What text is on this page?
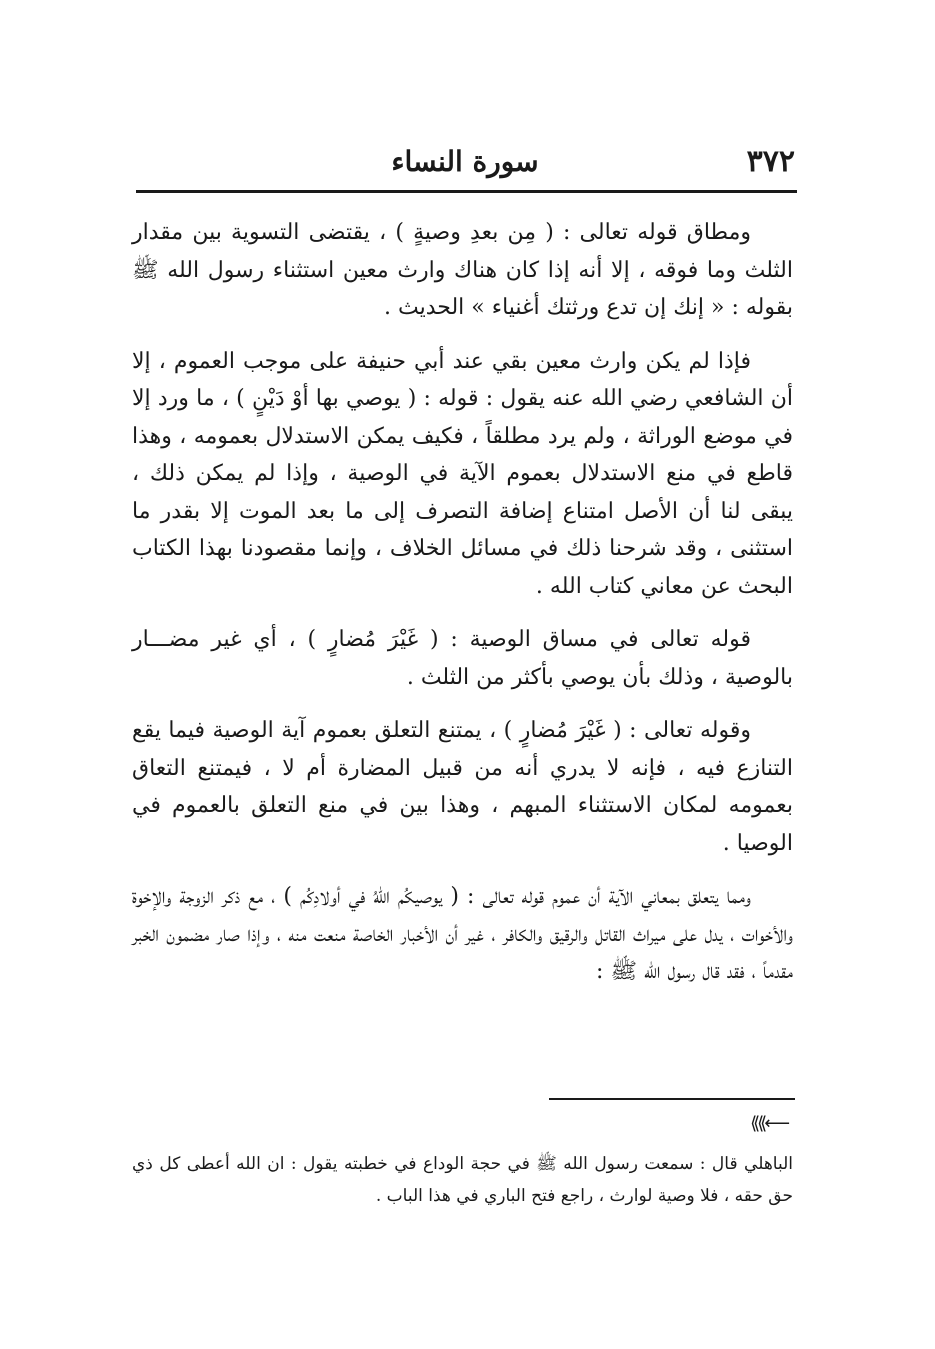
٣٧٢
سورة النساء

ومطاق قوله تعالى : ( مِن بعدِ وصيةٍ ) ، يقتضى التسوية بين مقدار الثلث وما فوقه ، إلا أنه إذا كان هناك وارث معين استثناء رسول الله ﷺ بقوله : « إنك إن تدع ورثتك أغنياء » الحديث .

فإذا لم يكن وارث معين بقي عند أبي حنيفة على موجب العموم ، إلا أن الشافعي رضي الله عنه يقول : قوله : ( يوصي بها أوْ دَيْنٍ ) ، ما ورد إلا في موضع الوراثة ، ولم يرد مطلقاً ، فكيف يمكن الاستدلال بعمومه ، وهذا قاطع في منع الاستدلال بعموم الآية في الوصية ، وإذا لم يمكن ذلك ، يبقى لنا أن الأصل امتناع إضافة التصرف إلى ما بعد الموت إلا بقدر ما استثنى ، وقد شرحنا ذلك في مسائل الخلاف ، وإنما مقصودنا بهذا الكتاب البحث عن معاني كتاب الله .

قوله تعالى في مساق الوصية : ( غَيْرَ مُضارٍ ) ، أي غير مضـــار بالوصية ، وذلك بأن يوصي بأكثر من الثلث .

وقوله تعالى : ( غَيْرَ مُضارٍ ) ، يمتنع التعلق بعموم آية الوصية فيما يقع التنازع فيه ، فإنه لا يدري أنه من قبيل المضارة أم لا ، فيمتنع التعاق بعمومه لمكان الاستثناء المبهم ، وهذا بين في منع التعلق بالعموم في الوصيا .

ومما يتعلق بمعاني الآية أن عموم قوله تعالى : ( يوصيكُم اللهُ في أولادِكُم ) ، مع ذكر الزوجة والإخوة والأخوات ، يدل على ميراث القاتل والرقيق والكافر ، غير أن الأخبار الخاصة منعت منه ، وإذا صار مضمون الخبر مقدماً ، فقد قال رسول الله ﷺ :

⟵⟫⟫

الباهلي قال : سمعت رسول الله ﷺ في حجة الوداع في خطبته يقول : ان الله أعطى كل ذي حق حقه ، فلا وصية لوارث ، راجع فتح الباري في هذا الباب .
